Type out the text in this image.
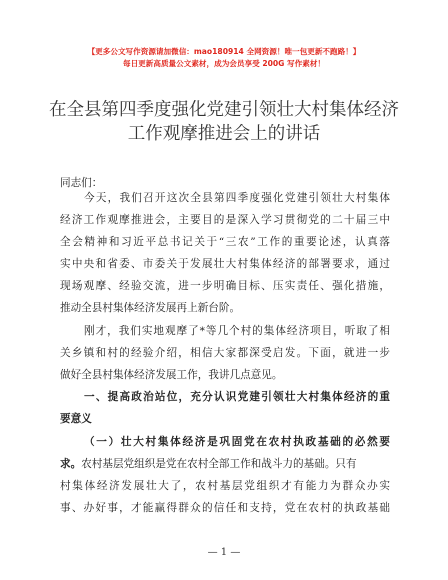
【更多公文写作资源请加微信：mao180914 全网资源！唯一包更新不跑路！】
每日更新高质量公文素材，成为会员享受 200G 写作素材！
在全县第四季度强化党建引领壮大村集体经济
工作观摩推进会上的讲话
同志们：
今天，我们召开这次全县第四季度强化党建引领壮大村集体
经济工作观摩推进会，主要目的是深入学习贯彻党的二十届三中
全会精神和习近平总书记关于“三农”工作的重要论述，认真落
实中央和省委、市委关于发展壮大村集体经济的部署要求，通过
现场观摩、经验交流，进一步明确目标、压实责任、强化措施，
推动全县村集体经济发展再上新台阶。
刚才，我们实地观摩了*等几个村的集体经济项目，听取了相
关乡镇和村的经验介绍，相信大家都深受启发。下面，就进一步
做好全县村集体经济发展工作，我讲几点意见。
一、提高政治站位，充分认识党建引领壮大村集体经济的重
要意义
（一）壮大村集体经济是巩固党在农村执政基础的必然要
求。农村基层党组织是党在农村全部工作和战斗力的基础。只有
村集体经济发展壮大了，农村基层党组织才有能力为群众办实
事、办好事，才能赢得群众的信任和支持，党在农村的执政基础
— 1 —
